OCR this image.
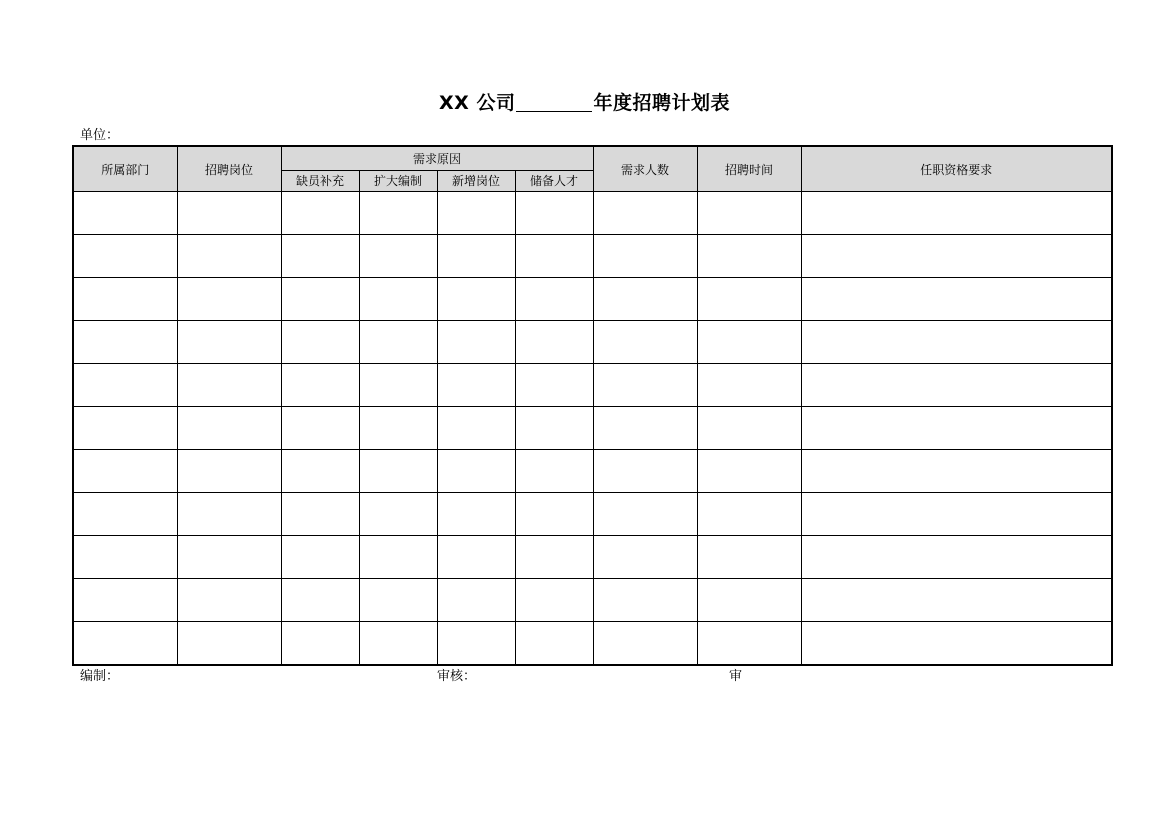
XX 公司	年度招聘计划表
单位：
所属部门	招聘岗位	需求原因				需求人数	招聘时间	任职资格要求
		缺员补充	扩大编制	新增岗位	储备人才			

编制：	审核：	审
